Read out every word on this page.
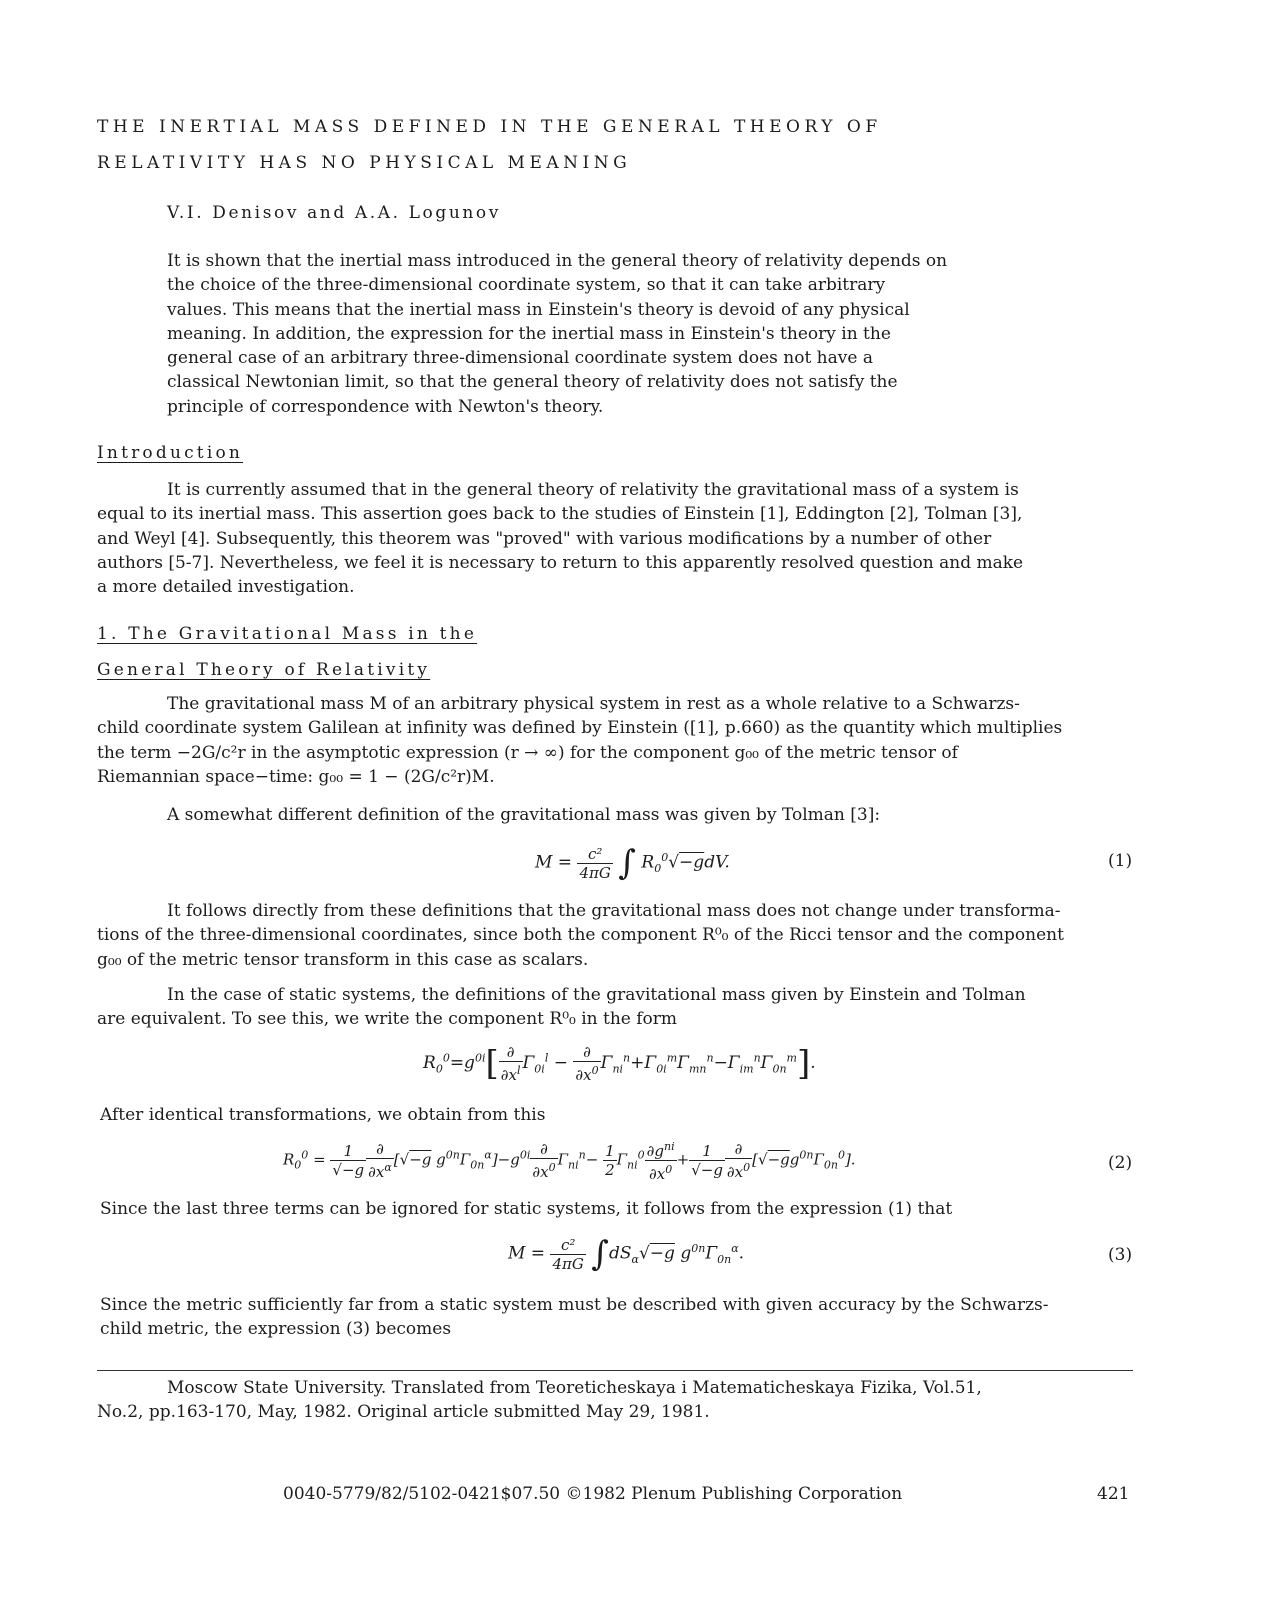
THE INERTIAL MASS DEFINED IN THE GENERAL THEORY OF
RELATIVITY HAS NO PHYSICAL MEANING
V.I. Denisov and A.A. Logunov
It is shown that the inertial mass introduced in the general theory of relativity depends on
the choice of the three-dimensional coordinate system, so that it can take arbitrary
values. This means that the inertial mass in Einstein's theory is devoid of any physical
meaning. In addition, the expression for the inertial mass in Einstein's theory in the
general case of an arbitrary three-dimensional coordinate system does not have a
classical Newtonian limit, so that the general theory of relativity does not satisfy the
principle of correspondence with Newton's theory.
Introduction
It is currently assumed that in the general theory of relativity the gravitational mass of a system is
equal to its inertial mass. This assertion goes back to the studies of Einstein [1], Eddington [2], Tolman [3],
and Weyl [4]. Subsequently, this theorem was "proved" with various modifications by a number of other
authors [5-7]. Nevertheless, we feel it is necessary to return to this apparently resolved question and make
a more detailed investigation.
1. The Gravitational Mass in the
General Theory of Relativity
The gravitational mass M of an arbitrary physical system in rest as a whole relative to a Schwarzs-
child coordinate system Galilean at infinity was defined by Einstein ([1], p.660) as the quantity which multiplies
the term −2G/c²r in the asymptotic expression (r → ∞) for the component g₀₀ of the metric tensor of
Riemannian space−time: g₀₀ = 1 − (2G/c²r)M.
A somewhat different definition of the gravitational mass was given by Tolman [3]:
$M = \frac{\text{c²}}{4\pi G}$ ∫ $R_0^0√-gdV$.	(1)
It follows directly from these definitions that the gravitational mass does not change under transforma-
tions of the three-dimensional coordinates, since both the component R⁰₀ of the Ricci tensor and the component
g₀₀ of the metric tensor transform in this case as scalars.
In the case of static systems, the definitions of the gravitational mass given by Einstein and Tolman
are equivalent. To see this, we write the component R⁰₀ in the form
$R_0^0=g^{0i}[ \frac{\partial}{\partial x^l} \Gamma_{0i}^l - \frac{\partial}{\partial x^0} \Gamma_{ni}^n+\Gamma_{0i}^m\Gamma_{mn}^n-\Gamma_{im}^n\Gamma_{0n}^m]$.
After identical transformations, we obtain from this
$R_0^0 = \frac{1}{√-g} \frac{\partial}{\partial x^\alpha} [√-g$ $g^{0n}\Gamma_{0n}^\alpha]-g^{0i} \frac{\partial}{\partial x^0} \Gamma_{ni}^n- \frac{1}{2} \Gamma_{ni}^0 \frac{\partial g^{ni}}{\partial x^0} + \frac{1}{√-g} \frac{\partial}{\partial x^0} [√-gg^{0n}\Gamma_{0n}^0]$.	(2)
Since the last three terms can be ignored for static systems, it follows from the expression (1) that
$M = \frac{\text{c²}}{4\pi G} \int dS_\alpha√-g$ $g^{0n}\Gamma_{0n}^\alpha$.	(3)
Since the metric sufficiently far from a static system must be described with given accuracy by the Schwarzs-
child metric, the expression (3) becomes
Moscow State University. Translated from Teoreticheskaya i Matematicheskaya Fizika, Vol.51,
No.2, pp.163-170, May, 1982. Original article submitted May 29, 1981.
0040-5779/82/5102-0421$07.50 ©1982 Plenum Publishing Corporation	421
